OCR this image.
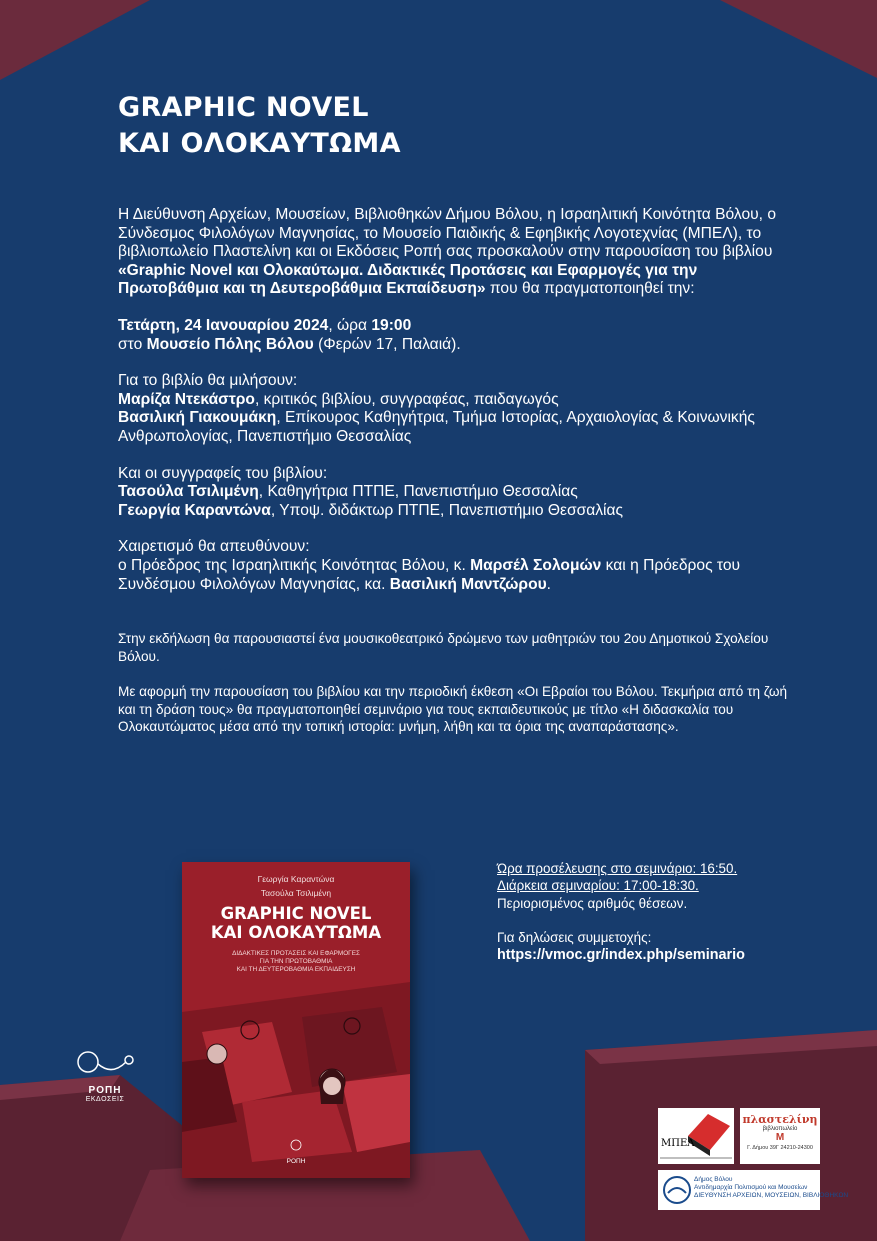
GRAPHIC NOVEL
ΚΑΙ ΟΛΟΚΑΥΤΩΜΑ

Η Διεύθυνση Αρχείων, Μουσείων, Βιβλιοθηκών Δήμου Βόλου, η Ισραηλιτική Κοινότητα Βόλου, ο Σύνδεσμος Φιλολόγων Μαγνησίας, το Μουσείο Παιδικής & Εφηβικής Λογοτεχνίας (ΜΠΕΛ), το βιβλιοπωλείο Πλαστελίνη και οι Εκδόσεις Ροπή σας προσκαλούν στην παρουσίαση του βιβλίου «Graphic Novel και Ολοκαύτωμα. Διδακτικές Προτάσεις και Εφαρμογές για την Πρωτοβάθμια και τη Δευτεροβάθμια Εκπαίδευση» που θα πραγματοποιηθεί την:

Τετάρτη, 24 Ιανουαρίου 2024, ώρα 19:00
στο Μουσείο Πόλης Βόλου (Φερών 17, Παλαιά).

Για το βιβλίο θα μιλήσουν:
Μαρίζα Ντεκάστρο, κριτικός βιβλίου, συγγραφέας, παιδαγωγός
Βασιλική Γιακουμάκη, Επίκουρος Καθηγήτρια, Τμήμα Ιστορίας, Αρχαιολογίας & Κοινωνικής Ανθρωπολογίας, Πανεπιστήμιο Θεσσαλίας

Και οι συγγραφείς του βιβλίου:
Τασούλα Τσιλιμένη, Καθηγήτρια ΠΤΠΕ, Πανεπιστήμιο Θεσσαλίας
Γεωργία Καραντώνα, Υποψ. διδάκτωρ ΠΤΠΕ, Πανεπιστήμιο Θεσσαλίας

Χαιρετισμό θα απευθύνουν:
ο Πρόεδρος της Ισραηλιτικής Κοινότητας Βόλου, κ. Μαρσέλ Σολομών και η Πρόεδρος του Συνδέσμου Φιλολόγων Μαγνησίας, κα. Βασιλική Μαντζώρου.

Στην εκδήλωση θα παρουσιαστεί ένα μουσικοθεατρικό δρώμενο των μαθητριών του 2ου Δημοτικού Σχολείου Βόλου.

Με αφορμή την παρουσίαση του βιβλίου και την περιοδική έκθεση «Οι Εβραίοι του Βόλου. Τεκμήρια από τη ζωή και τη δράση τους» θα πραγματοποιηθεί σεμινάριο για τους εκπαιδευτικούς με τίτλο «Η διδασκαλία του Ολοκαυτώματος μέσα από την τοπική ιστορία: μνήμη, λήθη και τα όρια της αναπαράστασης».

Γεωργία Καραντώνα
Τασούλα Τσιλιμένη
GRAPHIC NOVEL
ΚΑΙ ΟΛΟΚΑΥΤΩΜΑ
ΔΙΔΑΚΤΙΚΕΣ ΠΡΟΤΑΣΕΙΣ ΚΑΙ ΕΦΑΡΜΟΓΕΣ
ΓΙΑ ΤΗΝ ΠΡΩΤΟΒΑΘΜΙΑ
ΚΑΙ ΤΗ ΔΕΥΤΕΡΟΒΑΘΜΙΑ ΕΚΠΑΙΔΕΥΣΗ
ΡΟΠΗ
Ώρα προσέλευσης στο σεμινάριο: 16:50.
Διάρκεια σεμιναρίου: 17:00-18:30.
Περιορισμένος αριθμός θέσεων.
Για δηλώσεις συμμετοχής:
https://vmoc.gr/index.php/seminario
ΡΟΠΗ
ΕΚΔΟΣΕΙΣ
ΜΠΕΛ
πλαστελίνη
βιβλιοπωλείο
M
Γ. Δήμου 39Γ 24210-24300
Δήμος Βόλου
Αντιδημαρχία Πολιτισμού και Μουσείων
ΔΙΕΥΘΥΝΣΗ ΑΡΧΕΙΩΝ, ΜΟΥΣΕΙΩΝ, ΒΙΒΛΙΟΘΗΚΩΝ
